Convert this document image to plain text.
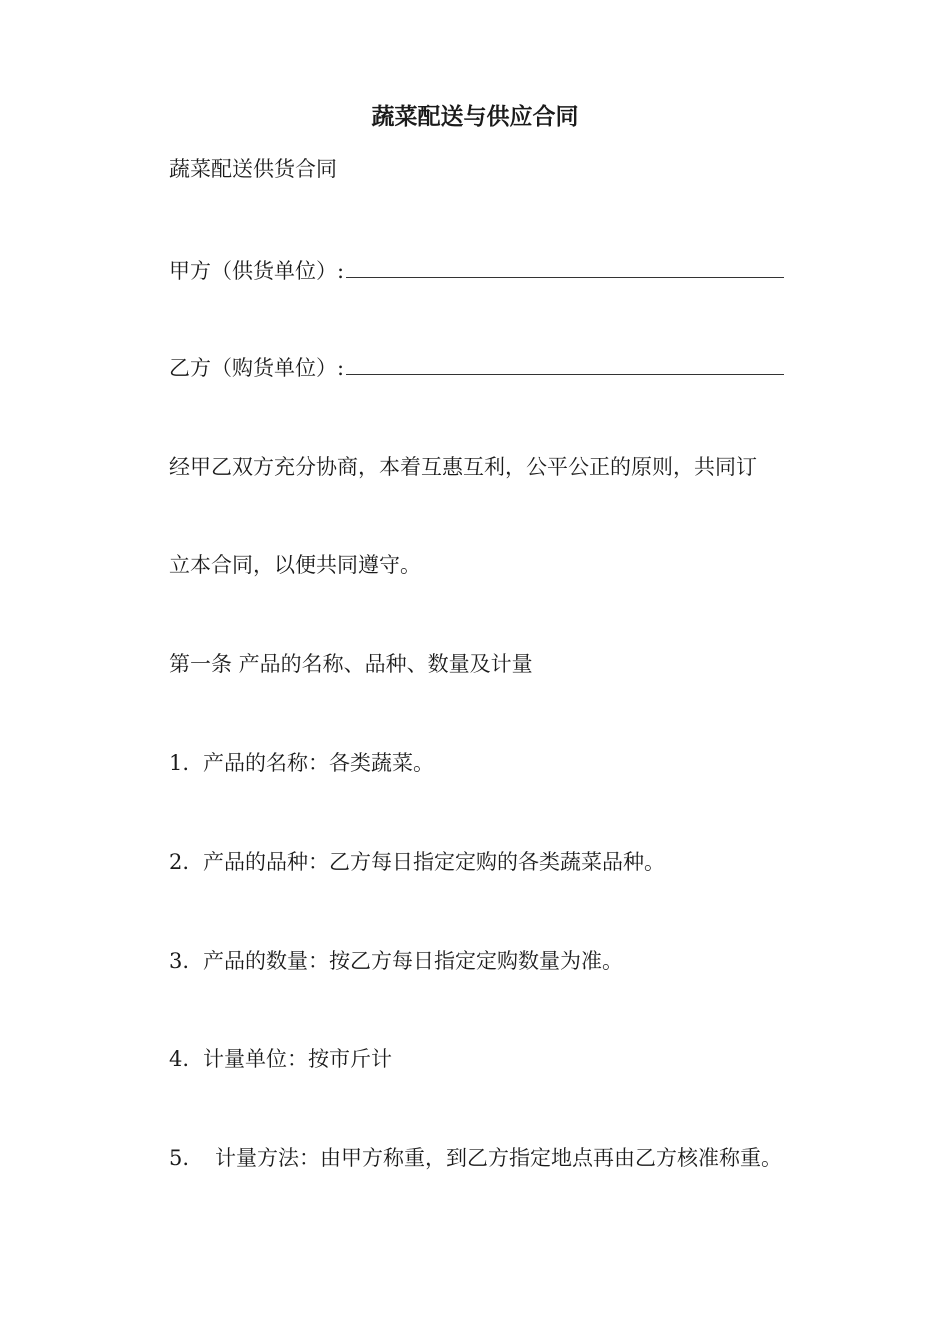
蔬菜配送与供应合同
蔬菜配送供货合同
甲方（供货单位）:
乙方（购货单位）:
经甲乙双方充分协商，本着互惠互利，公平公正的原则，共同订
立本合同，以便共同遵守。
第一条 产品的名称、品种、数量及计量
1. 产品的名称：各类蔬菜。
2. 产品的品种：乙方每日指定定购的各类蔬菜品种。
3. 产品的数量：按乙方每日指定定购数量为准。
4. 计量单位：按市斤计
5. 计量方法：由甲方称重，到乙方指定地点再由乙方核准称重。
